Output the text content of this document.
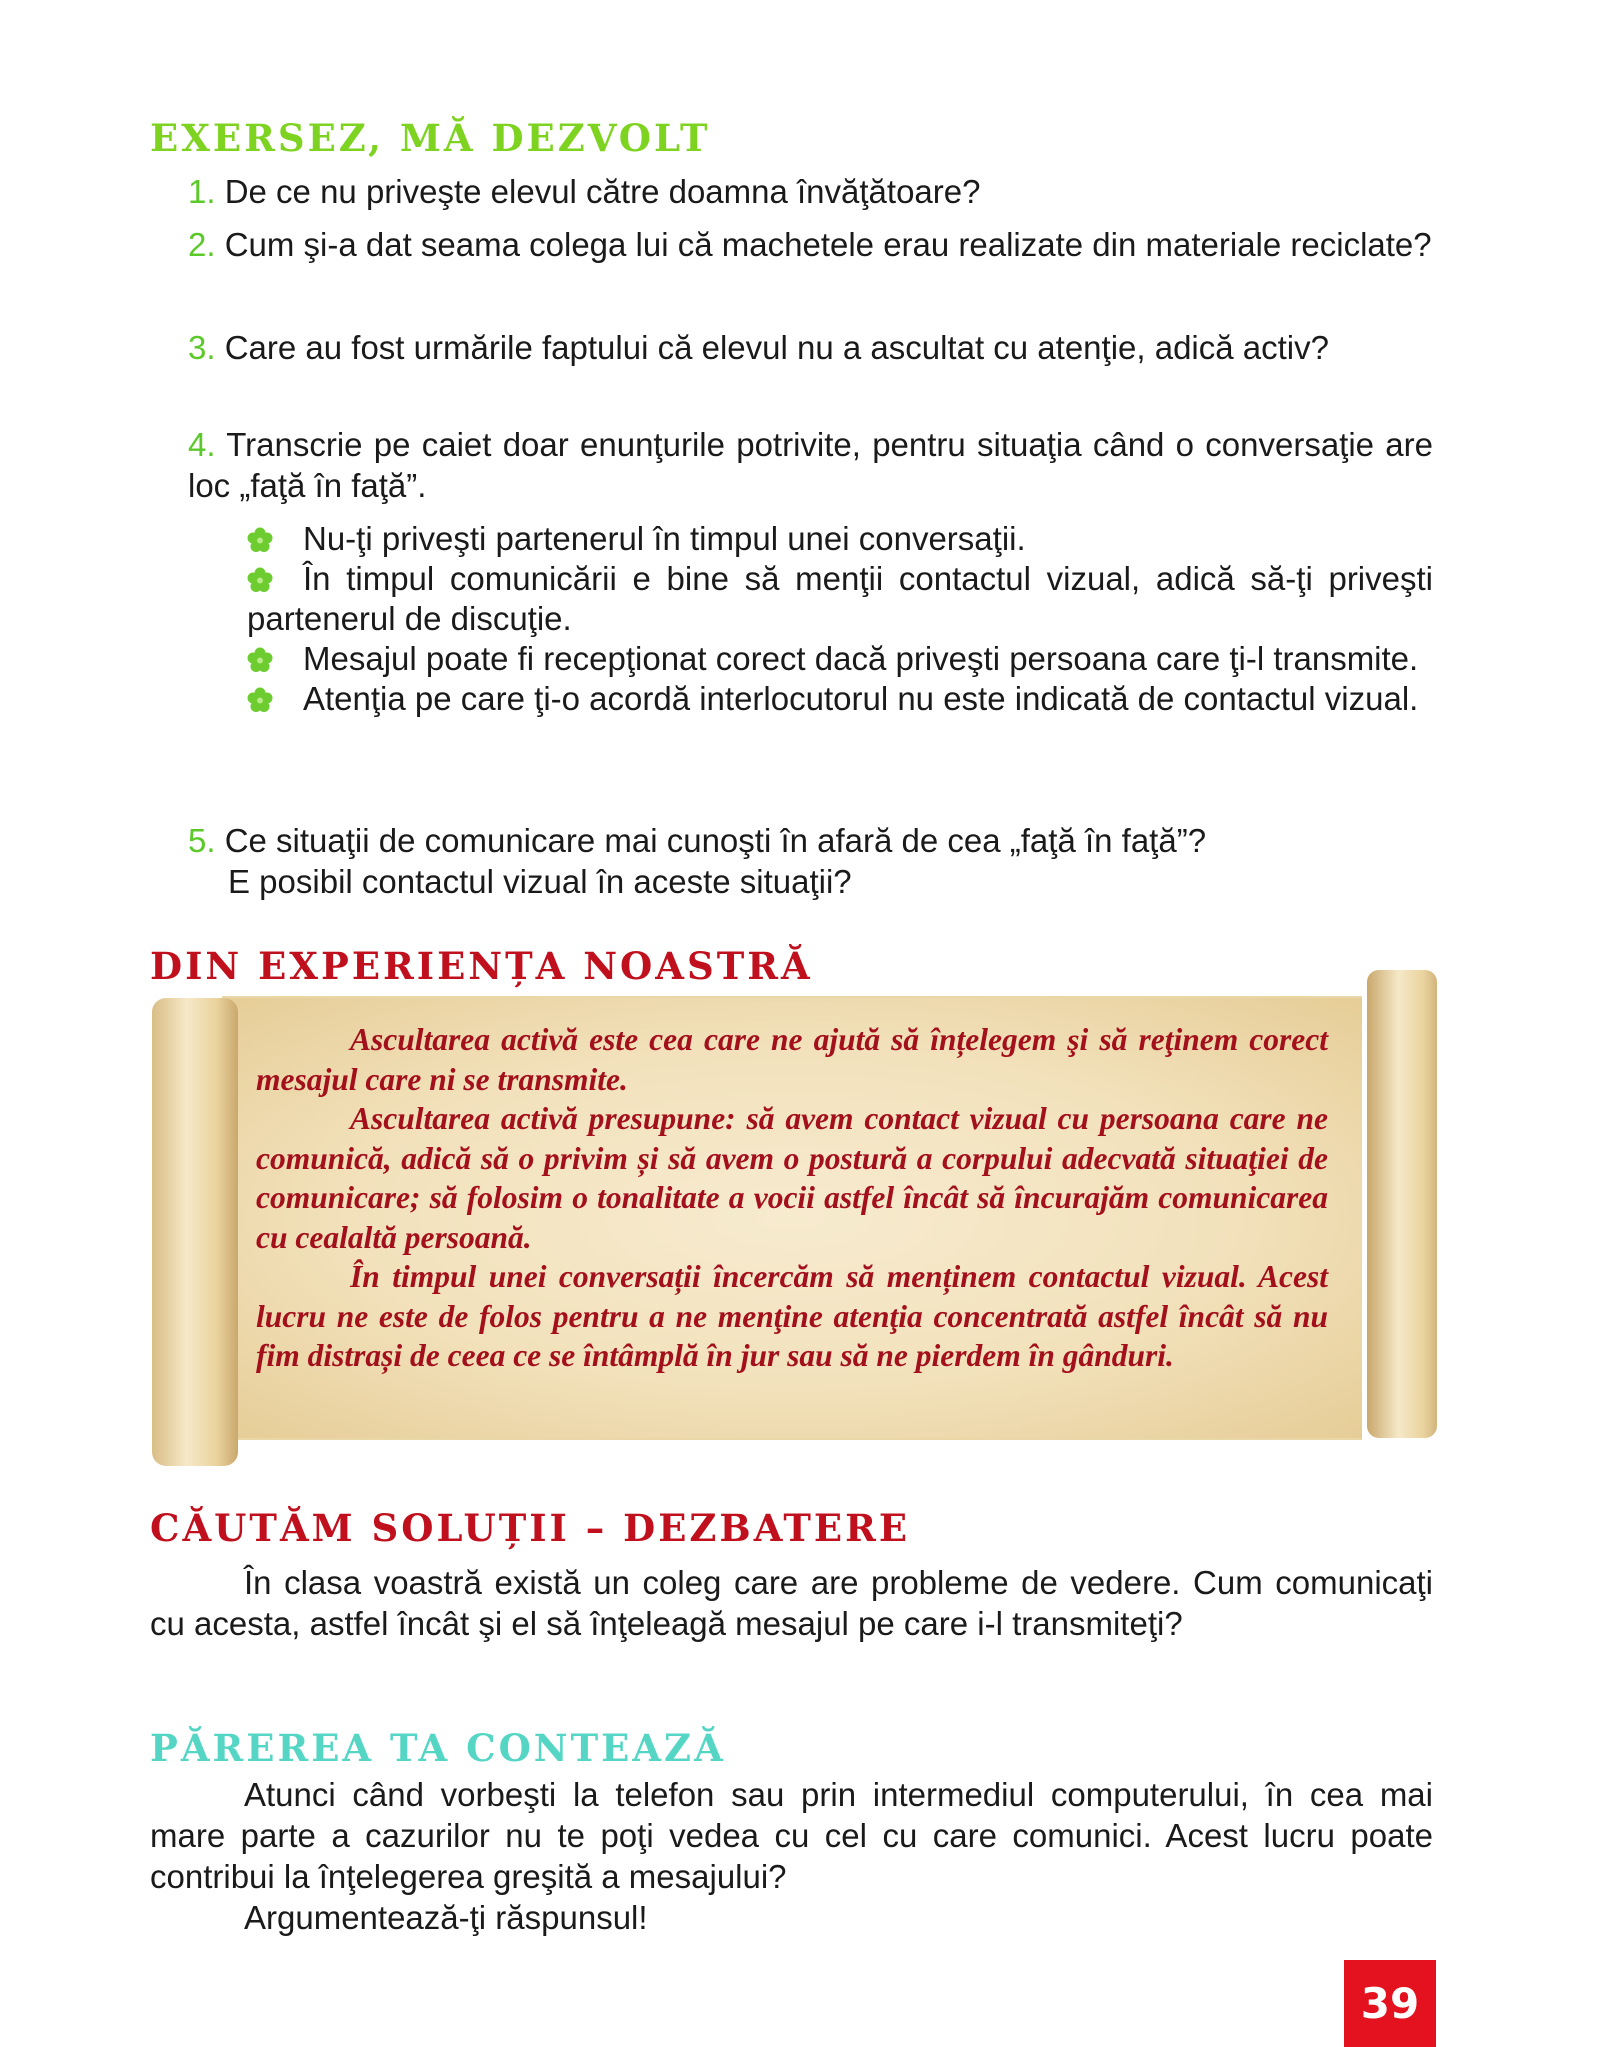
EXERSEZ, MĂ DEZVOLT

1. De ce nu priveşte elevul către doamna învăţătoare?

2. Cum şi-a dat seama colega lui că machetele erau realizate din materiale reciclate?

3. Care au fost urmările faptului că elevul nu a ascultat cu atenţie, adică activ?

4. Transcrie pe caiet doar enunţurile potrivite, pentru situaţia când o conversaţie are loc „faţă în faţă”.

Nu-ţi priveşti partenerul în timpul unei conversaţii.
În timpul comunicării e bine să menţii contactul vizual, adică să-ţi priveşti partenerul de discuţie.
Mesajul poate fi recepţionat corect dacă priveşti persoana care ţi-l transmite.
Atenţia pe care ţi-o acordă interlocutorul nu este indicată de contactul vizual.

5. Ce situaţii de comunicare mai cunoşti în afară de cea „faţă în faţă”?
E posibil contactul vizual în aceste situaţii?

DIN EXPERIENȚA NOASTRĂ

Ascultarea activă este cea care ne ajută să înțelegem şi să reţinem corect mesajul care ni se transmite.

Ascultarea activă presupune: să avem contact vizual cu persoana care ne comunică, adică să o privim și să avem o postură a corpului adecvată situaţiei de comunicare; să folosim o tonalitate a vocii astfel încât să încurajăm comunicarea cu cealaltă persoană.

În timpul unei conversații încercăm să menținem contactul vizual. Acest lucru ne este de folos pentru a ne menţine atenţia concentrată astfel încât să nu fim distrași de ceea ce se întâmplă în jur sau să ne pierdem în gânduri.

CĂUTĂM SOLUȚII – DEZBATERE

În clasa voastră există un coleg care are probleme de vedere. Cum comunicaţi cu acesta, astfel încât şi el să înţeleagă mesajul pe care i-l transmiteţi?

PĂREREA TA CONTEAZĂ

Atunci când vorbeşti la telefon sau prin intermediul computerului, în cea mai mare parte a cazurilor nu te poţi vedea cu cel cu care comunici. Acest lucru poate contribui la înţelegerea greşită a mesajului?
Argumentează-ţi răspunsul!

39
